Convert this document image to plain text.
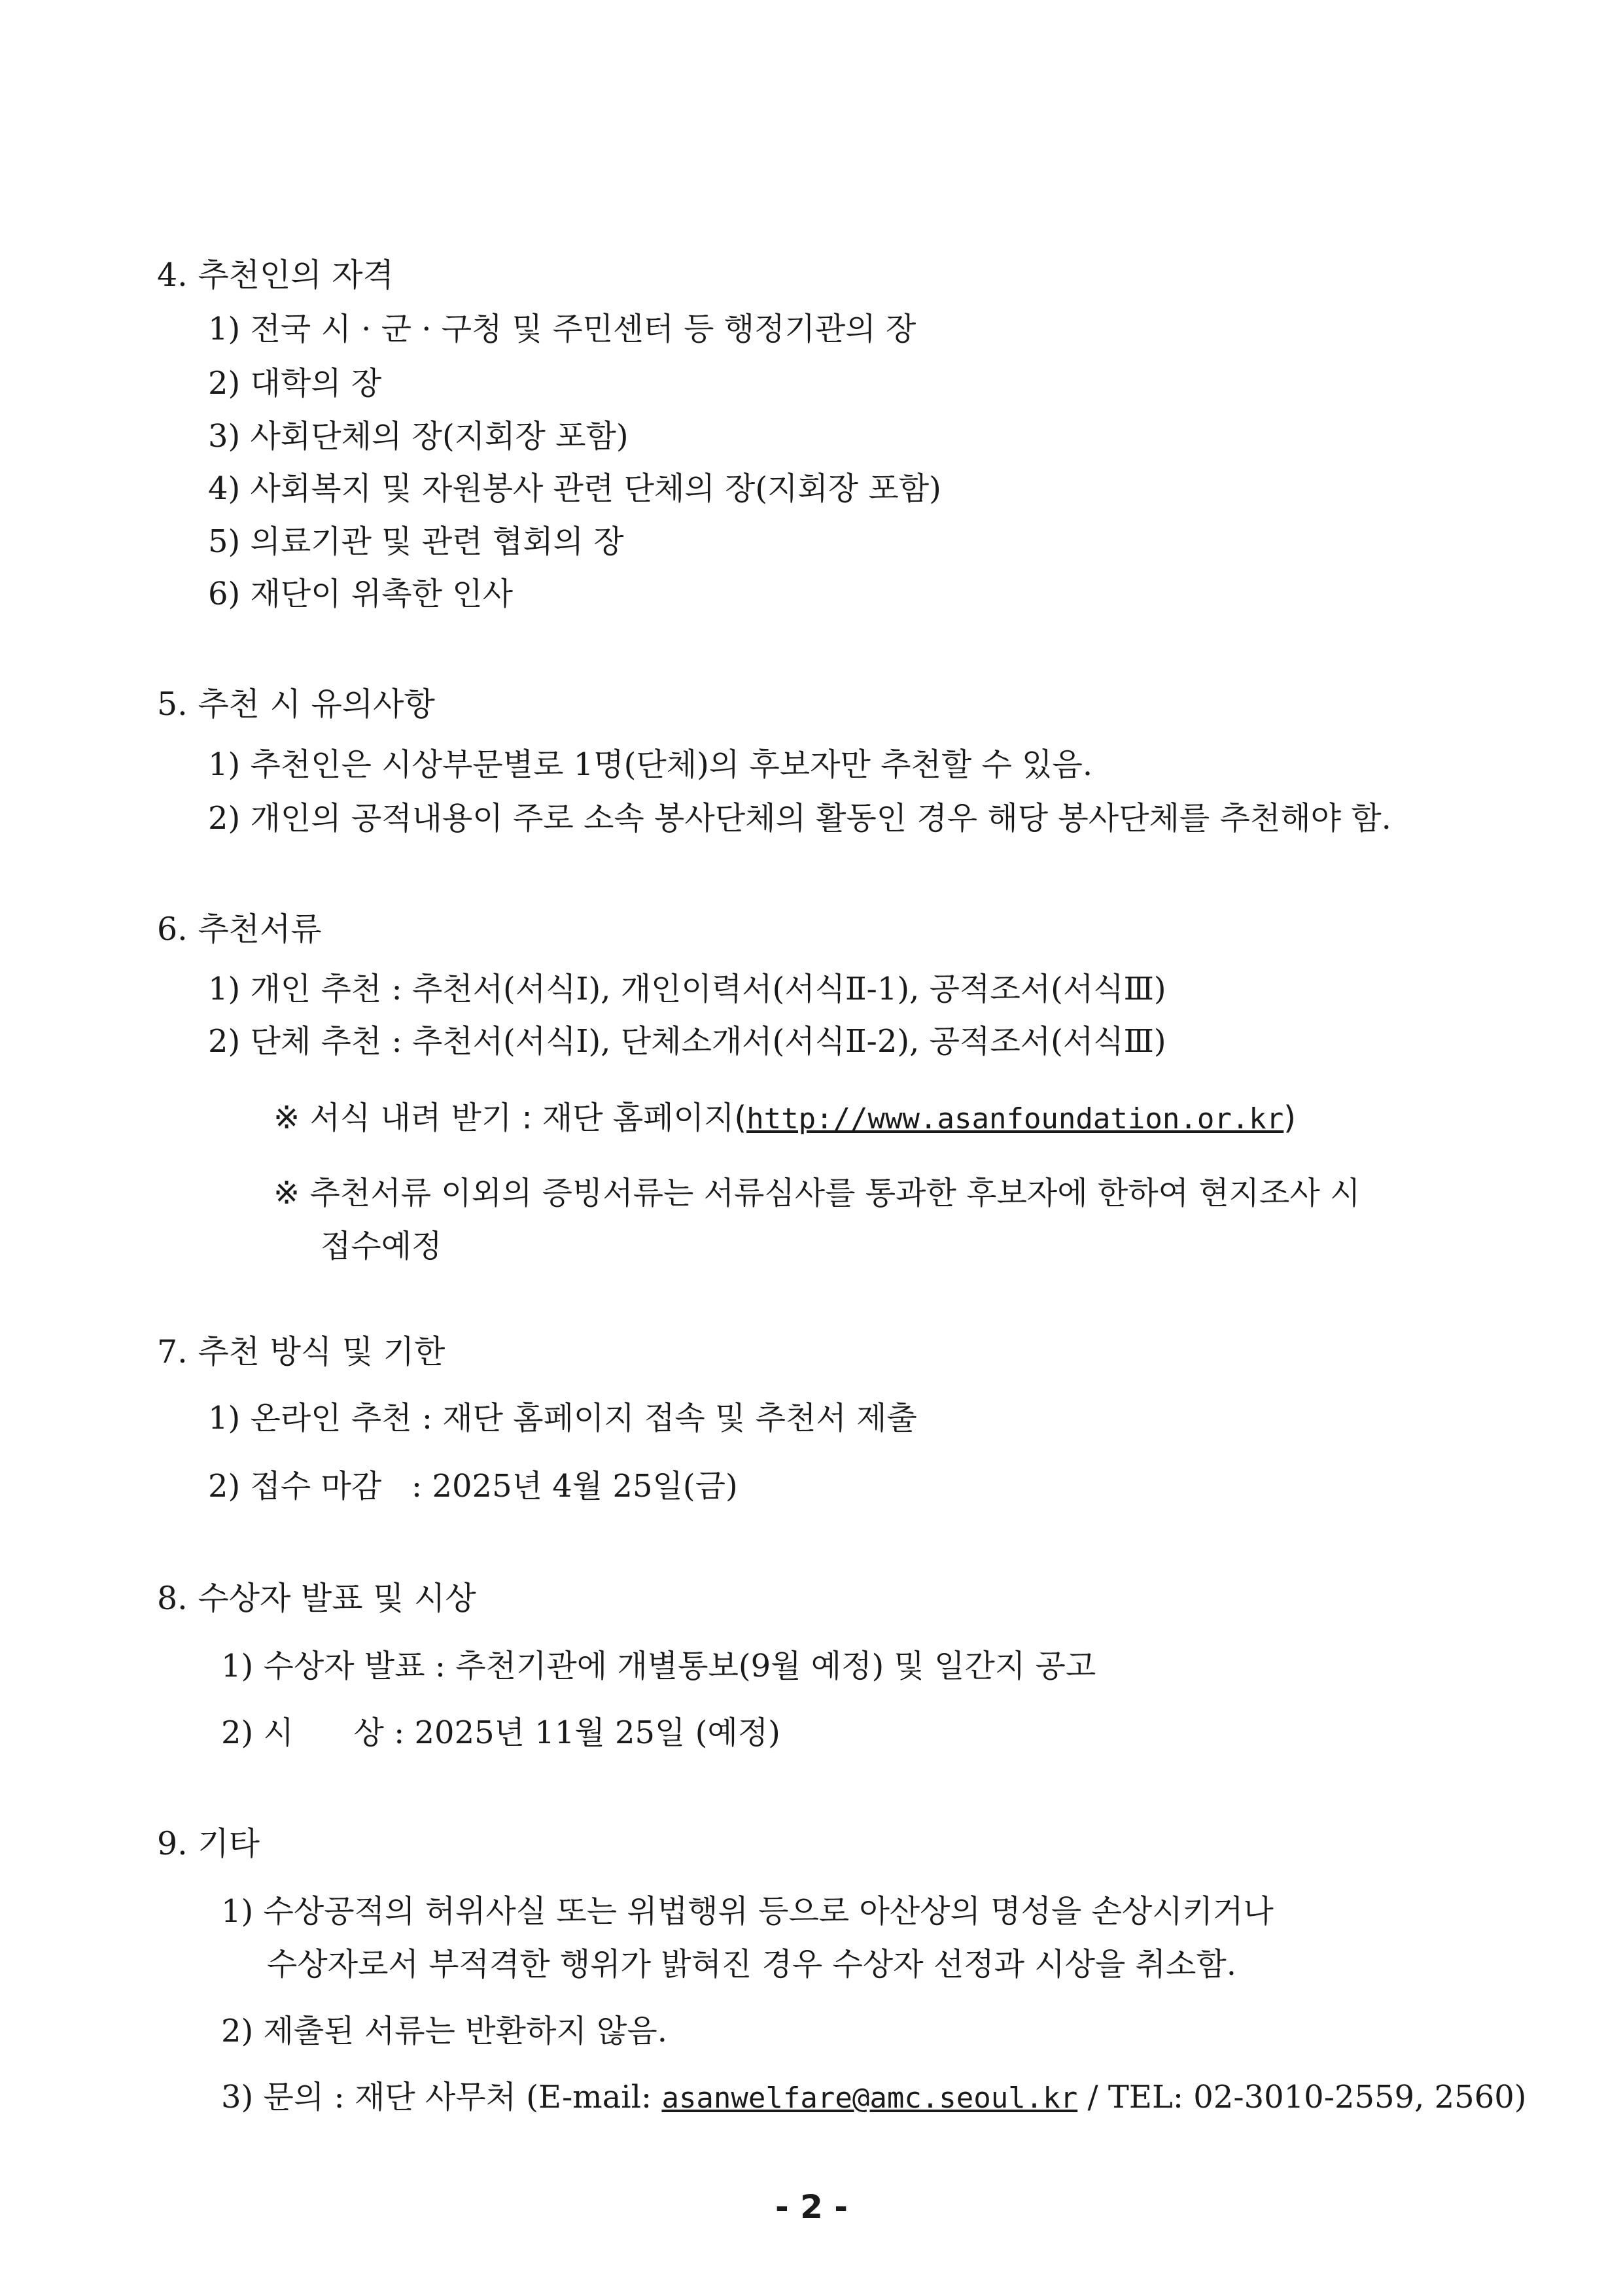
4. 추천인의 자격
1) 전국 시 · 군 · 구청 및 주민센터 등 행정기관의 장
2) 대학의 장
3) 사회단체의 장(지회장 포함)
4) 사회복지 및 자원봉사 관련 단체의 장(지회장 포함)
5) 의료기관 및 관련 협회의 장
6) 재단이 위촉한 인사
5. 추천 시 유의사항
1) 추천인은 시상부문별로 1명(단체)의 후보자만 추천할 수 있음.
2) 개인의 공적내용이 주로 소속 봉사단체의 활동인 경우 해당 봉사단체를 추천해야 함.
6. 추천서류
1) 개인 추천 : 추천서(서식Ⅰ), 개인이력서(서식Ⅱ-1), 공적조서(서식Ⅲ)
2) 단체 추천 : 추천서(서식Ⅰ), 단체소개서(서식Ⅱ-2), 공적조서(서식Ⅲ)
※ 서식 내려 받기 : 재단 홈페이지(http://www.asanfoundation.or.kr)
※ 추천서류 이외의 증빙서류는 서류심사를 통과한 후보자에 한하여 현지조사 시
접수예정
7. 추천 방식 및 기한
1) 온라인 추천 : 재단 홈페이지 접속 및 추천서 제출
2) 접수 마감   : 2025년 4월 25일(금)
8. 수상자 발표 및 시상
1) 수상자 발표 : 추천기관에 개별통보(9월 예정) 및 일간지 공고
2) 시      상 : 2025년 11월 25일 (예정)
9. 기타
1) 수상공적의 허위사실 또는 위법행위 등으로 아산상의 명성을 손상시키거나
수상자로서 부적격한 행위가 밝혀진 경우 수상자 선정과 시상을 취소함.
2) 제출된 서류는 반환하지 않음.
3) 문의 : 재단 사무처 (E-mail: asanwelfare@amc.seoul.kr / TEL: 02-3010-2559, 2560)
- 2 -
